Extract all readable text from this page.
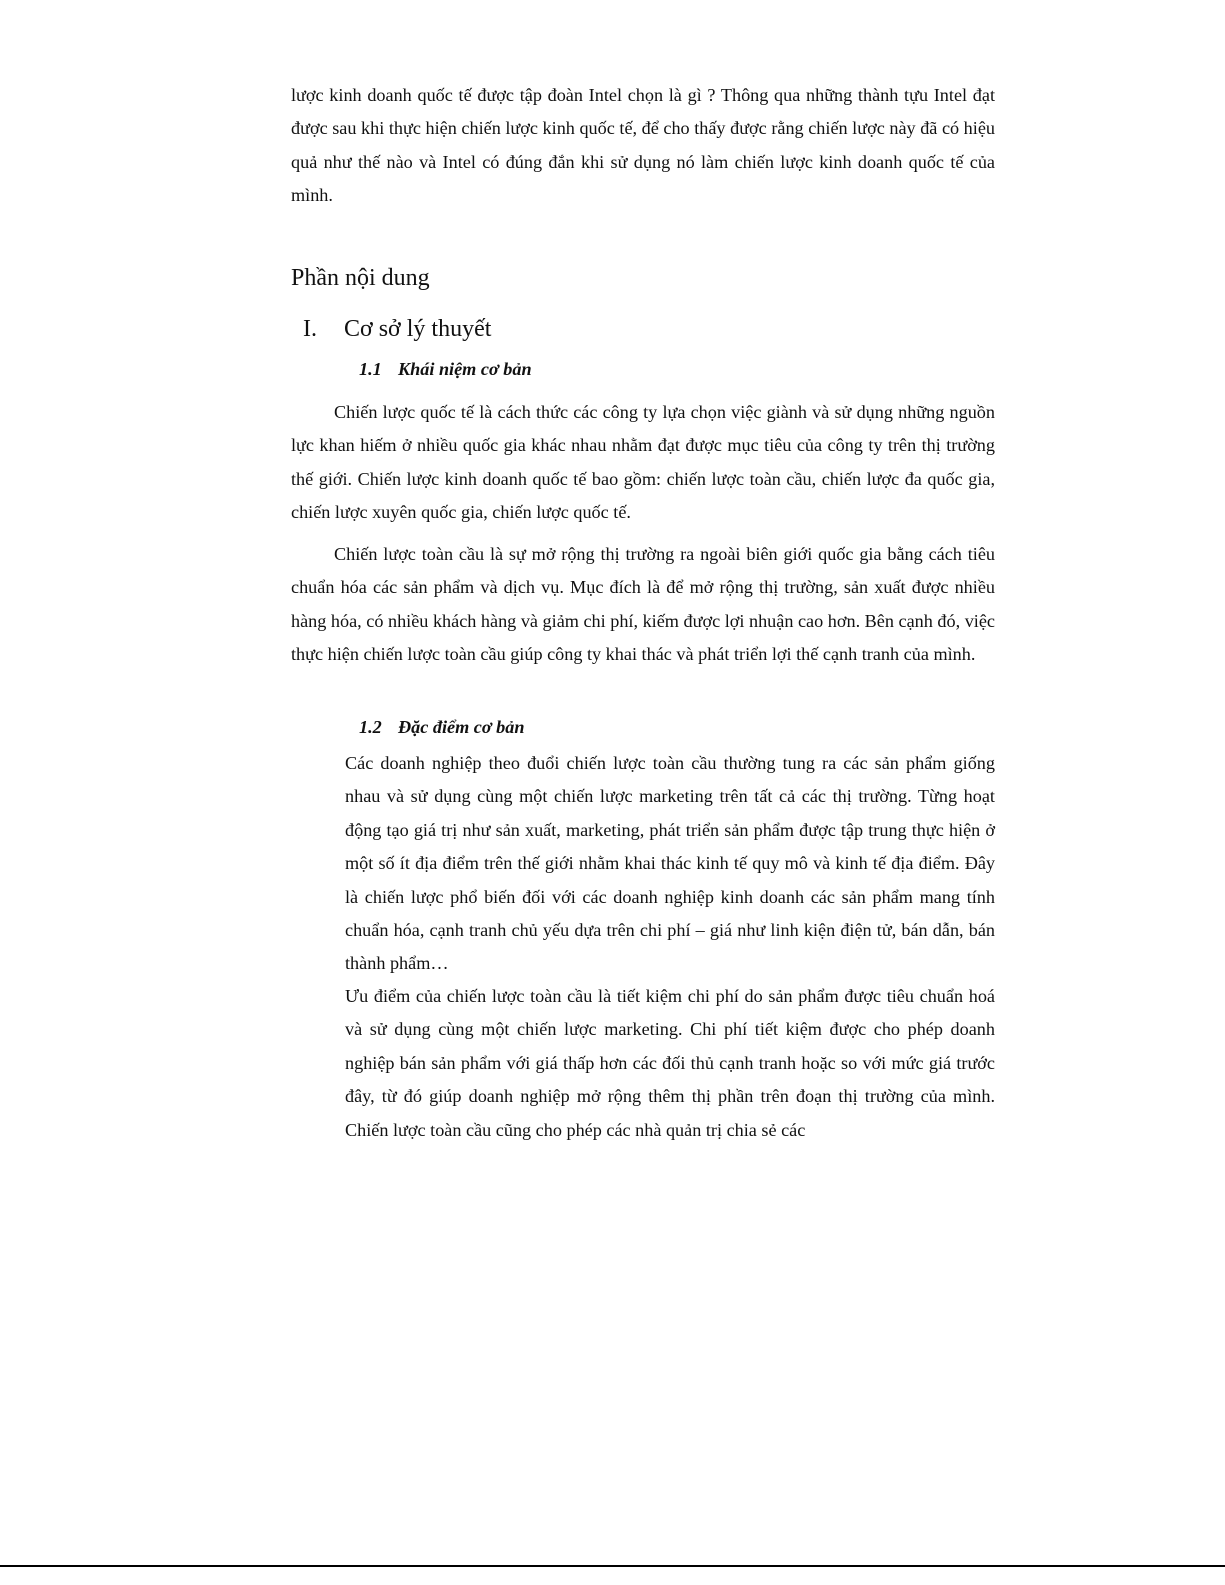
lược kinh doanh quốc tế được tập đoàn Intel chọn là gì ? Thông qua những thành tựu Intel đạt được sau khi thực hiện chiến lược kinh quốc tế, để cho thấy được rằng chiến lược này đã có hiệu quả như thế nào và Intel có đúng đắn khi sử dụng nó làm chiến lược kinh doanh quốc tế của mình.

Phần nội dung
I.	Cơ sở lý thuyết
1.1 Khái niệm cơ bản

Chiến lược quốc tế là cách thức các công ty lựa chọn việc giành và sử dụng những nguồn lực khan hiếm ở nhiều quốc gia khác nhau nhằm đạt được mục tiêu của công ty trên thị trường thế giới. Chiến lược kinh doanh quốc tế bao gồm: chiến lược toàn cầu, chiến lược đa quốc gia, chiến lược xuyên quốc gia, chiến lược quốc tế.

Chiến lược toàn cầu là sự mở rộng thị trường ra ngoài biên giới quốc gia bằng cách tiêu chuẩn hóa các sản phẩm và dịch vụ. Mục đích là để mở rộng thị trường, sản xuất được nhiều hàng hóa, có nhiều khách hàng và giảm chi phí, kiếm được lợi nhuận cao hơn. Bên cạnh đó, việc thực hiện chiến lược toàn cầu giúp công ty khai thác và phát triển lợi thế cạnh tranh của mình.

1.2 Đặc điểm cơ bản

Các doanh nghiệp theo đuổi chiến lược toàn cầu thường tung ra các sản phẩm giống nhau và sử dụng cùng một chiến lược marketing trên tất cả các thị trường. Từng hoạt động tạo giá trị như sản xuất, marketing, phát triển sản phẩm được tập trung thực hiện ở một số ít địa điểm trên thế giới nhằm khai thác kinh tế quy mô và kinh tế địa điểm. Đây là chiến lược phổ biến đối với các doanh nghiệp kinh doanh các sản phẩm mang tính chuẩn hóa, cạnh tranh chủ yếu dựa trên chi phí – giá như linh kiện điện tử, bán dẫn, bán thành phẩm…

Ưu điểm của chiến lược toàn cầu là tiết kiệm chi phí do sản phẩm được tiêu chuẩn hoá và sử dụng cùng một chiến lược marketing. Chi phí tiết kiệm được cho phép doanh nghiệp bán sản phẩm với giá thấp hơn các đối thủ cạnh tranh hoặc so với mức giá trước đây, từ đó giúp doanh nghiệp mở rộng thêm thị phần trên đoạn thị trường của mình. Chiến lược toàn cầu cũng cho phép các nhà quản trị chia sẻ các
